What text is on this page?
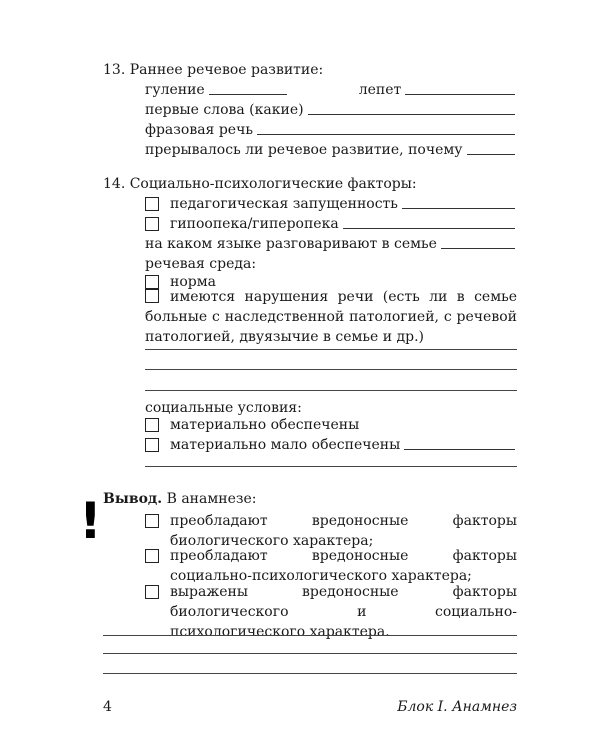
13. Раннее речевое развитие:
гуление	лепет
первые слова (какие)
фразовая речь
прерывалось ли речевое развитие, почему
14. Социально-психологические факторы:
педагогическая запущенность
гипоопека/гиперопека
на каком языке разговаривают в семье
речевая среда:
норма
имеются нарушения речи (есть ли в семье больные с наследственной патологией, с речевой патологией, двуязычие в семье и др.)
социальные условия:
материально обеспечены
материально мало обеспечены
! Вывод. В анамнезе:
преобладают вредоносные факторы биологического характера;
преобладают вредоносные факторы социально-психологического характера;
выражены вредоносные факторы биологического и социально-психологического характера.
4	Блок I. Анамнез
